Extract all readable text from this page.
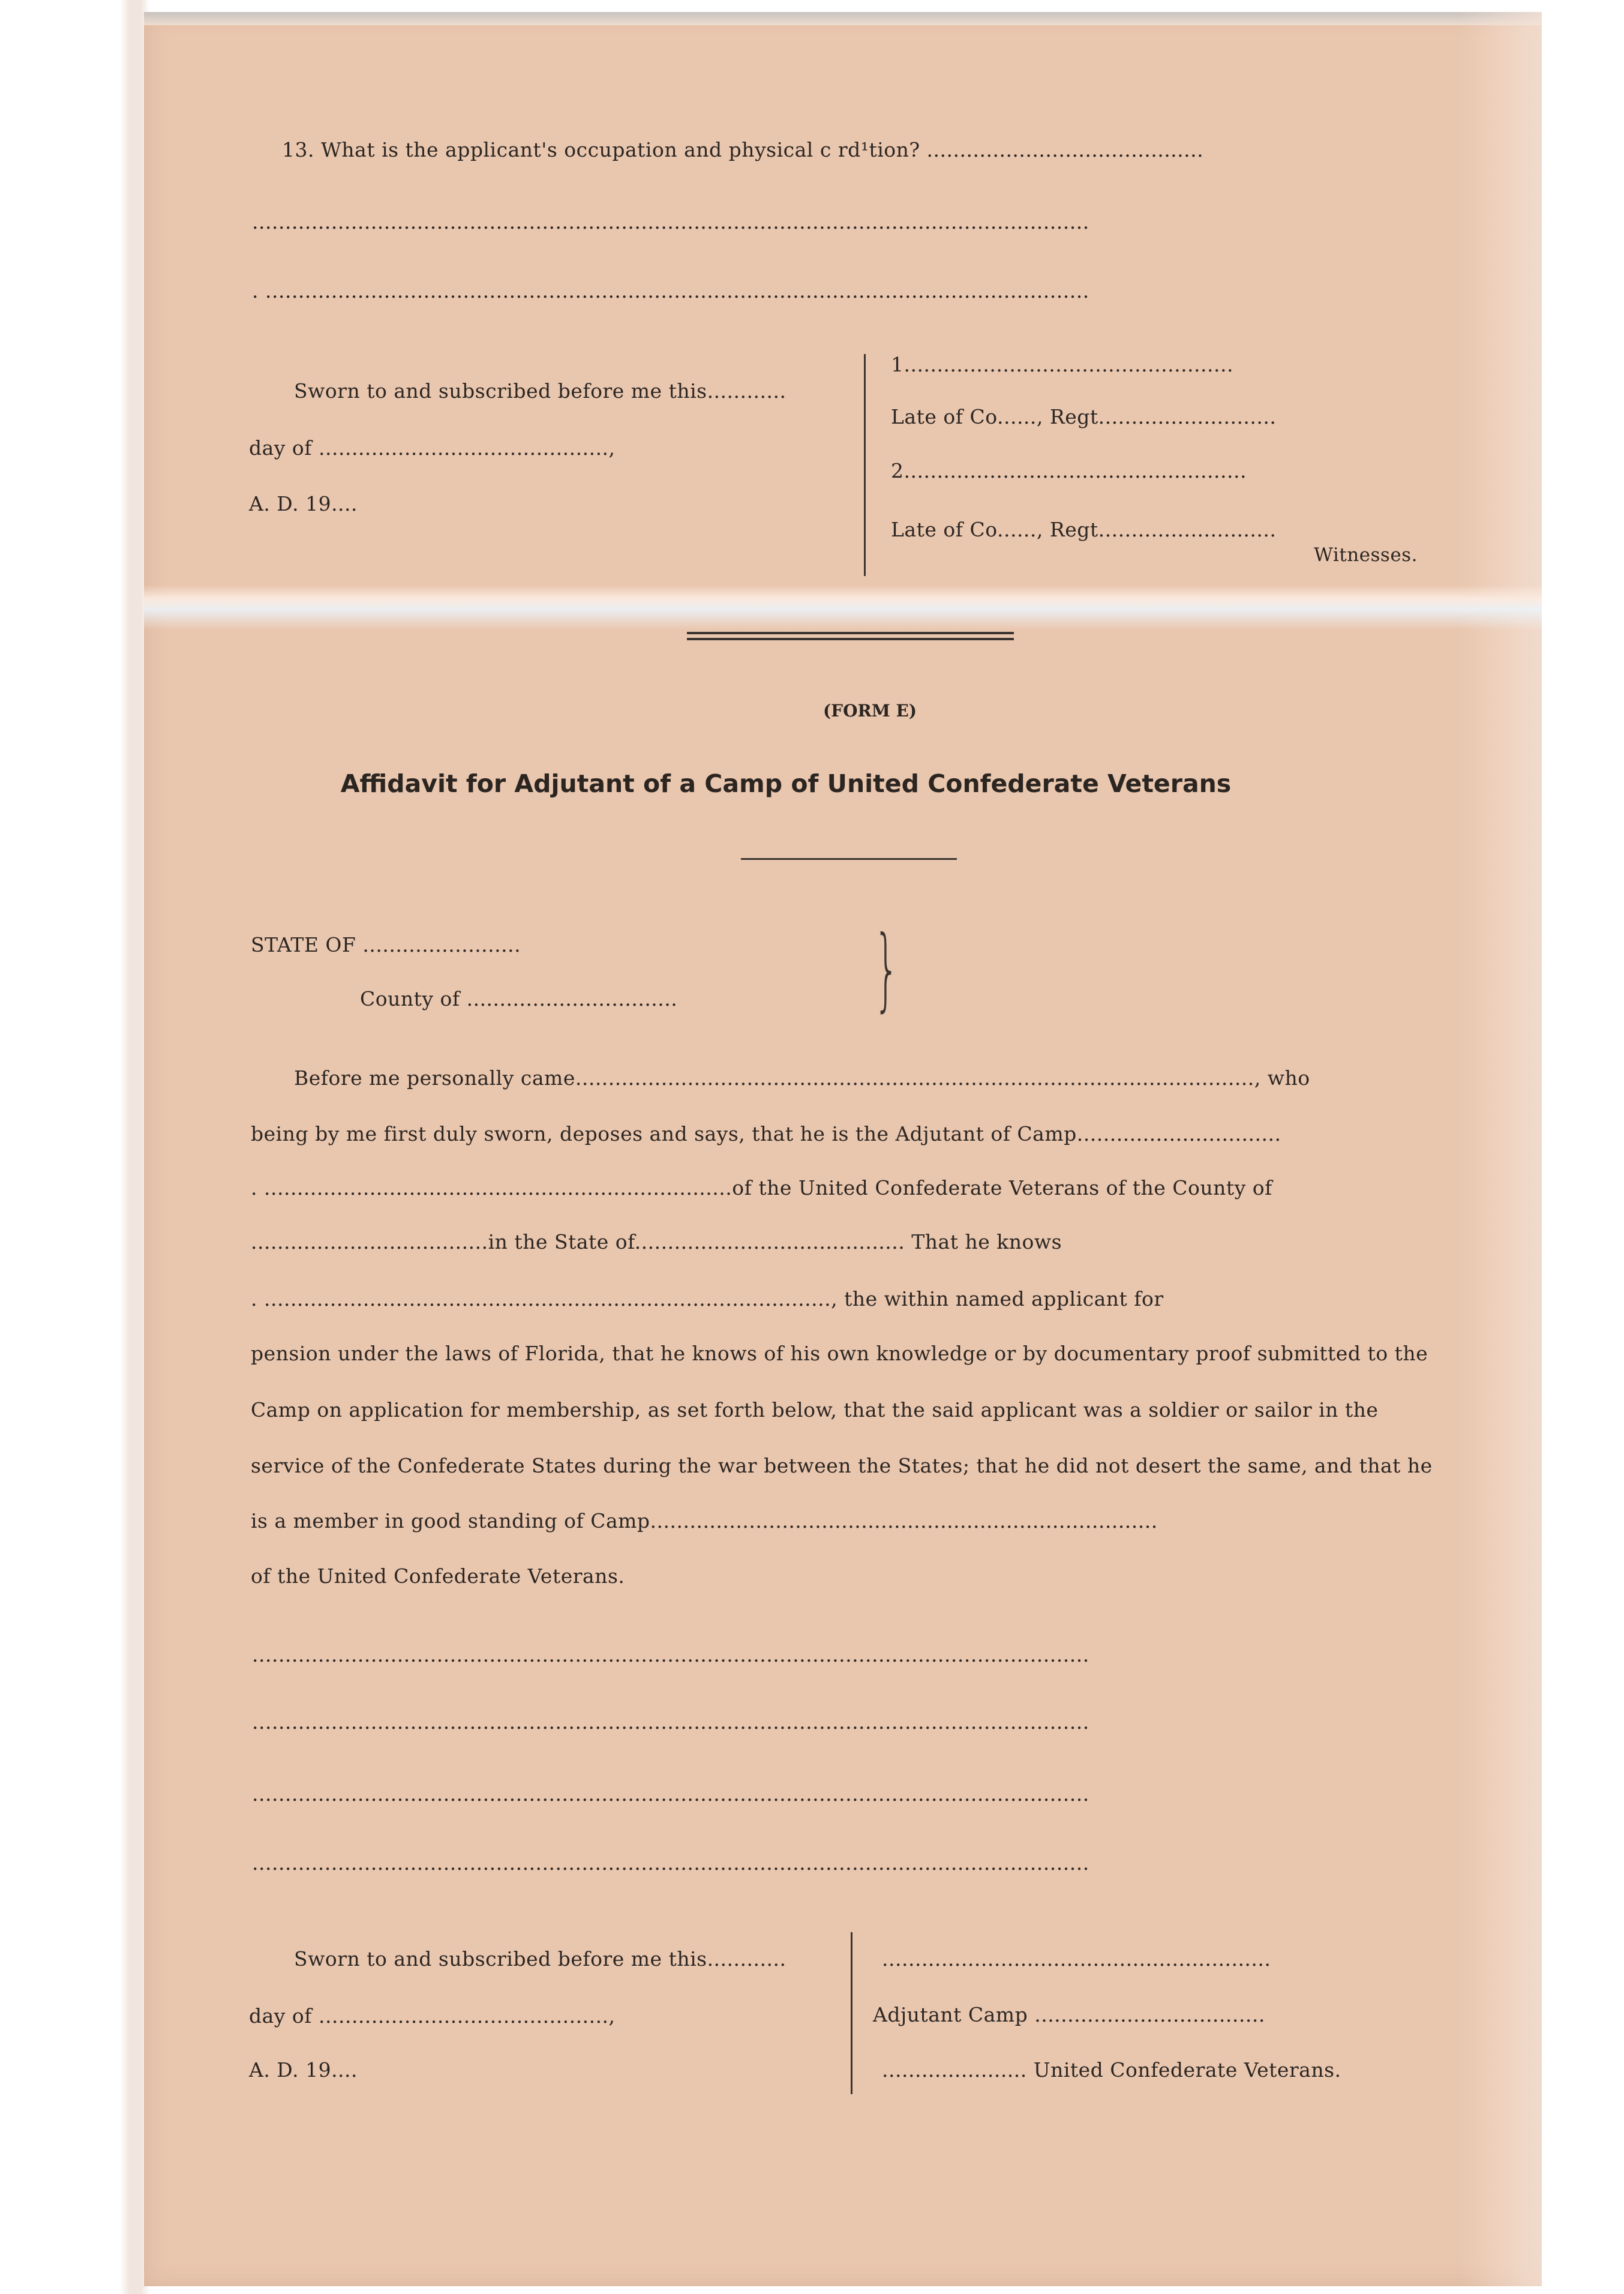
13. What is the applicant's occupation and physical c rd¹tion? ..........................................
...............................................................................................................................
. .............................................................................................................................
Sworn to and subscribed before me this............
day of ............................................,
A. D. 19....
1..................................................
Late of Co......, Regt...........................
2....................................................
Late of Co......, Regt...........................
Witnesses.
(FORM E)
Affidavit for Adjutant of a Camp of United Confederate Veterans
STATE OF ........................
County of ................................ }
Before me personally came......................................................................................................., who
being by me first duly sworn, deposes and says, that he is the Adjutant of Camp...............................
. .......................................................................of the United Confederate Veterans of the County of
....................................in the State of......................................... That he knows
. ......................................................................................, the within named applicant for
pension under the laws of Florida, that he knows of his own knowledge or by documentary proof submitted to the
Camp on application for membership, as set forth below, that the said applicant was a soldier or sailor in the
service of the Confederate States during the war between the States; that he did not desert the same, and that he
is a member in good standing of Camp.............................................................................
of the United Confederate Veterans.
...............................................................................................................................
...............................................................................................................................
...............................................................................................................................
...............................................................................................................................
Sworn to and subscribed before me this............
day of ............................................,
A. D. 19....
...........................................................
Adjutant Camp ...................................
...................... United Confederate Veterans.
